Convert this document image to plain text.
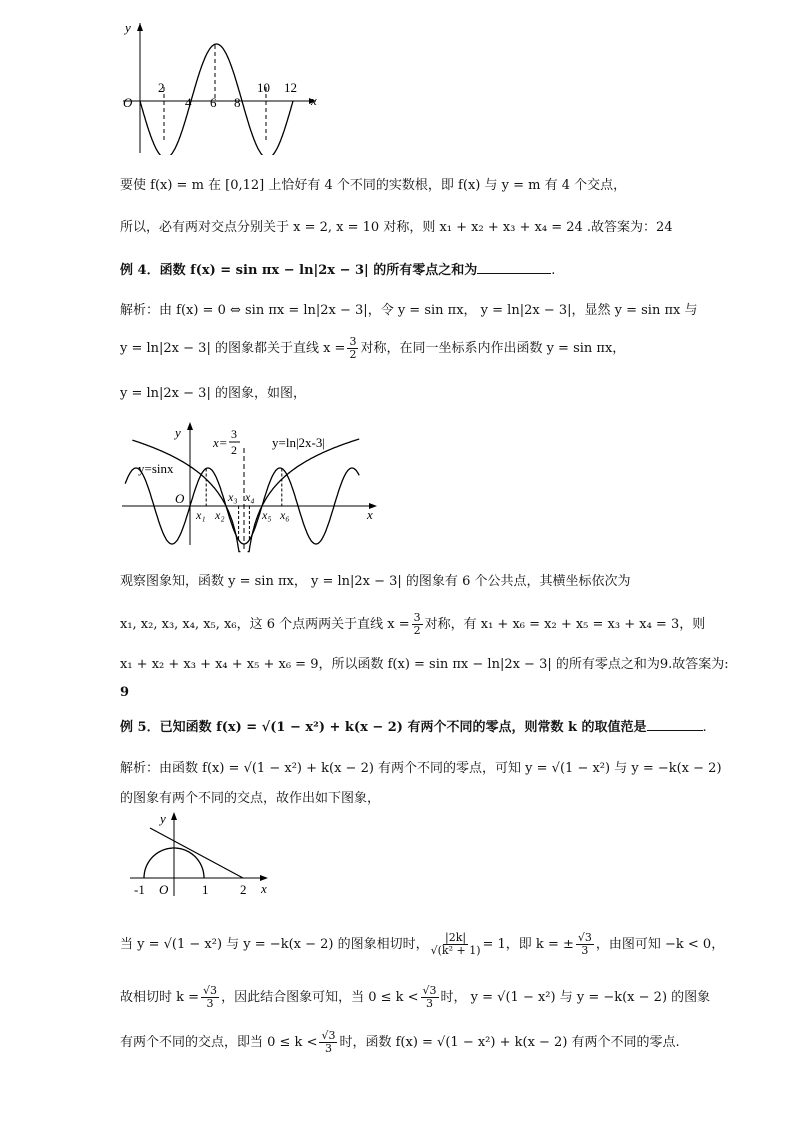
y
x
O
2
4 6 8
10 12
要使 f(x) = m 在 [0,12] 上恰好有 4 个不同的实数根，即 f(x) 与 y = m 有 4 个交点，
所以，必有两对交点分别关于 x = 2, x = 10 对称，则 x₁ + x₂ + x₃ + x₄ = 24 .故答案为：24
例 4．函数 f(x) = sin πx − ln|2x − 3| 的所有零点之和为	.
解析：由 f(x) = 0 ⇔ sin πx = ln|2x − 3|，令 y = sin πx， y = ln|2x − 3|，显然 y = sin πx 与
y = ln|2x − 3| 的图象都关于直线 $x = \frac{3}{2}$ 对称，在同一坐标系内作出函数 y = sin πx，
y = ln|2x − 3| 的图象，如图，
y
x
O
x=
3
2	y=ln|2x-3|
y=sinx
x₁ x₂
x₃ x₄
x₅ x₆
观察图象知，函数 y = sin πx， y = ln|2x − 3| 的图象有 6 个公共点，其横坐标依次为
x₁, x₂, x₃, x₄, x₅, x₆，这 6 个点两两关于直线 $x = \frac{3}{2}$ 对称，有 x₁ + x₆ = x₂ + x₅ = x₃ + x₄ = 3，则
x₁ + x₂ + x₃ + x₄ + x₅ + x₆ = 9，所以函数 f(x) = sin πx − ln|2x − 3| 的所有零点之和为9.故答案为:
9
例 5．已知函数 f(x) = √(1 − x²) + k(x − 2) 有两个不同的零点，则常数 k 的取值范是	.
解析：由函数 f(x) = √(1 − x²) + k(x − 2) 有两个不同的零点，可知 y = √(1 − x²) 与 y = −k(x − 2)
的图象有两个不同的交点，故作出如下图象，
y
x
O
-1	1 2
当 y = √(1 − x²) 与 y = −k(x − 2) 的图象相切时， $\frac{|2k|}{\text{√(k² + 1)}} = 1$，即 k = ± $\frac{√3}{3}$ ，由图可知 −k < 0，
故相切时 $k = \frac{√3}{3}$ ，因此结合图象可知，当 $0 \le k < \frac{√3}{3}$ 时， y = √(1 − x²) 与 y = −k(x − 2) 的图象
有两个不同的交点，即当 $0 \le k < \frac{√3}{3}$ 时，函数 f(x) = √(1 − x²) + k(x − 2) 有两个不同的零点.
